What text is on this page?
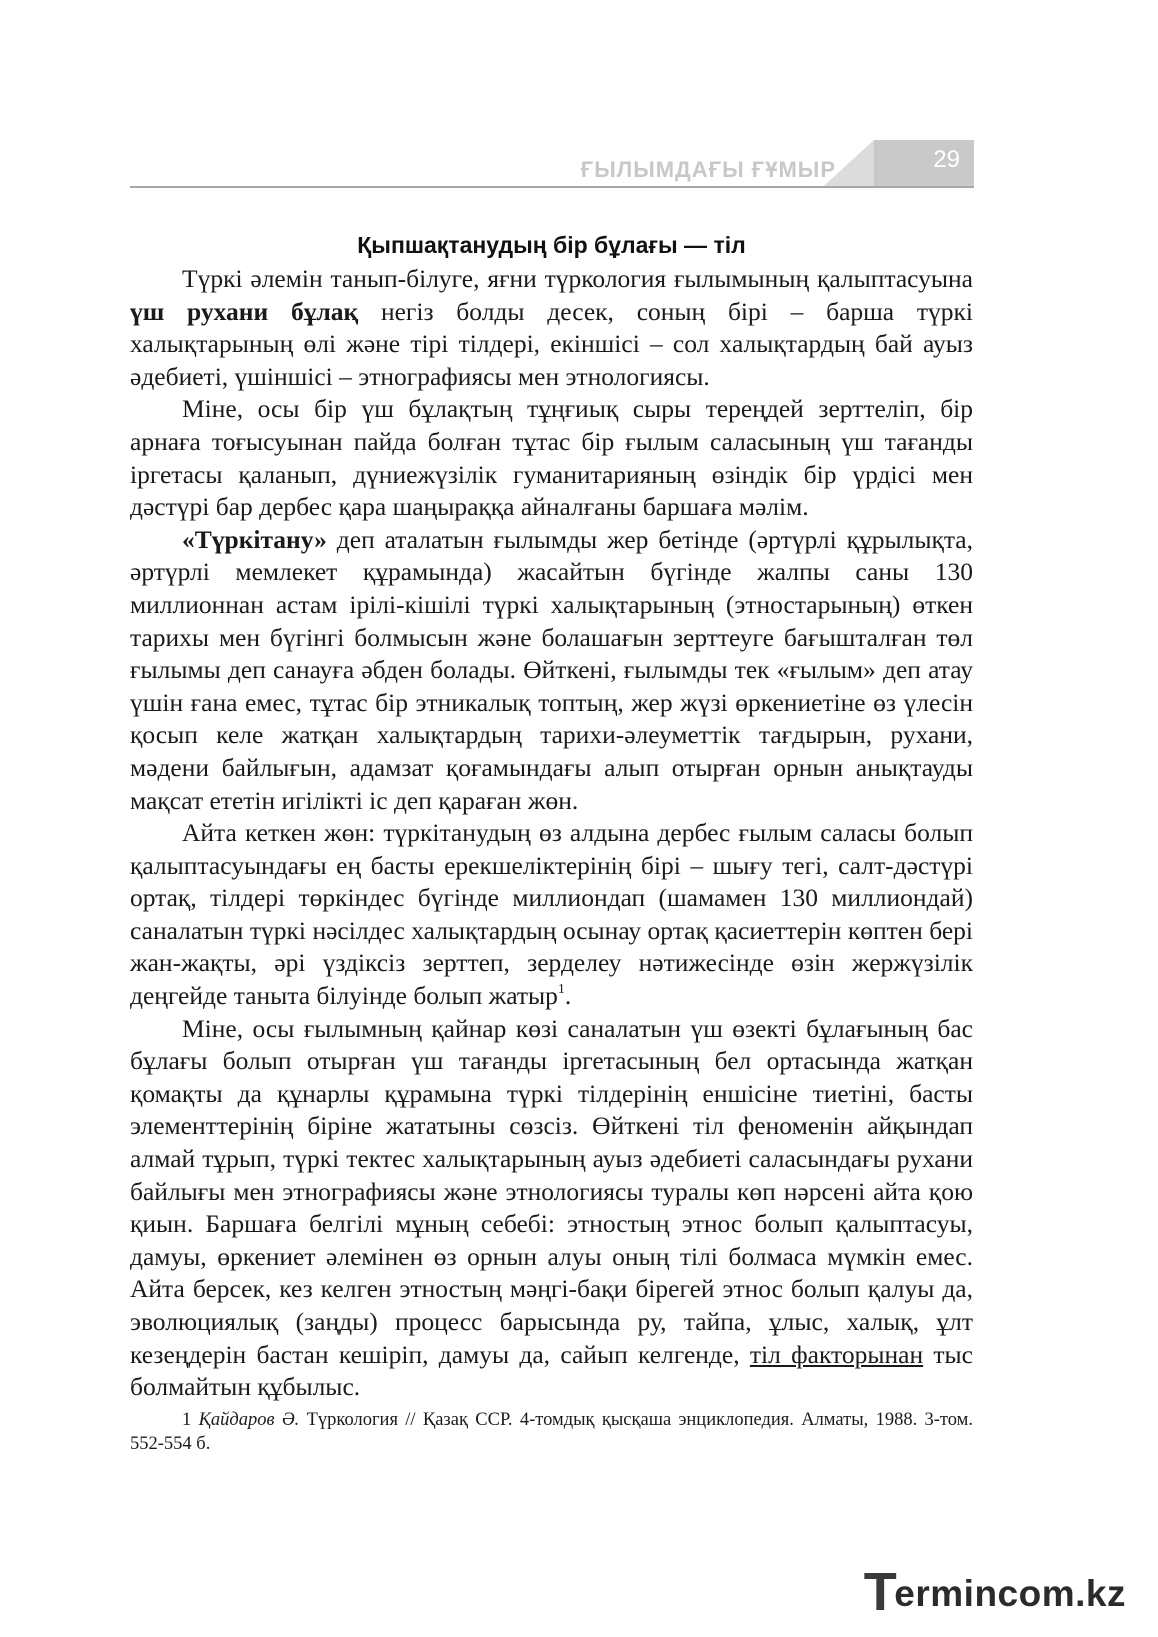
ҒЫЛЫМДАҒЫ ҒҰМЫР	29
Қыпшақтанудың бір бұлағы — тіл

Түркі әлемін танып-білуге, яғни түркология ғылымының қалыптасуына үш рухани бұлақ негіз болды десек, соның бірі – барша түркі халықтарының өлі және тірі тілдері, екіншісі – сол халықтардың бай ауыз әдебиеті, үшіншісі – этнографиясы мен этнологиясы.

Міне, осы бір үш бұлақтың тұңғиық сыры тереңдей зерттеліп, бір арнаға тоғысуынан пайда болған тұтас бір ғылым саласының үш тағанды іргетасы қаланып, дүниежүзілік гуманитарияның өзіндік бір үрдісі мен дәстүрі бар дербес қара шаңыраққа айналғаны баршаға мәлім.

«Түркітану» деп аталатын ғылымды жер бетінде (әртүрлі құрылықта, әртүрлі мемлекет құрамында) жасайтын бүгінде жалпы саны 130 миллионнан астам ірілі-кішілі түркі халықтарының (этностарының) өткен тарихы мен бүгінгі болмысын және болашағын зерттеуге бағышталған төл ғылымы деп санауға әбден болады. Өйткені, ғылымды тек «ғылым» деп атау үшін ғана емес, тұтас бір этникалық топтың, жер жүзі өркениетіне өз үлесін қосып келе жатқан халықтардың тарихи-әлеуметтік тағдырын, рухани, мәдени байлығын, адамзат қоғамындағы алып отырған орнын анықтауды мақсат ететін игілікті іс деп қараған жөн.

Айта кеткен жөн: түркітанудың өз алдына дербес ғылым саласы болып қалыптасуындағы ең басты ерекшеліктерінің бірі – шығу тегі, салт-дәстүрі ортақ, тілдері төркіндес бүгінде миллиондап (шамамен 130 миллиондай) саналатын түркі нәсілдес халықтардың осынау ортақ қасиеттерін көптен бері жан-жақты, әрі үздіксіз зерттеп, зерделеу нәтижесінде өзін жержүзілік деңгейде таныта білуінде болып жатыр$^1$.

Міне, осы ғылымның қайнар көзі саналатын үш өзекті бұлағының бас бұлағы болып отырған үш тағанды іргетасының бел ортасында жатқан қомақты да құнарлы құрамына түркі тілдерінің еншісіне тиетіні, басты элементтерінің біріне жататыны сөзсіз. Өйткені тіл феноменін айқындап алмай тұрып, түркі тектес халықтарының ауыз әдебиеті саласындағы рухани байлығы мен этнографиясы және этнологиясы туралы көп нәрсені айта қою қиын. Баршаға белгілі мұның себебі: этностың этнос болып қалыптасуы, дамуы, өркениет әлемінен өз орнын алуы оның тілі болмаса мүмкін емес. Айта берсек, кез келген этностың мәңгі-бақи бірегей этнос болып қалуы да, эволюциялық (заңды) процесс барысында ру, тайпа, ұлыс, халық, ұлт кезеңдерін бастан кешіріп, дамуы да, сайып келгенде, тіл факторынан тыс болмайтын құбылыс.

1 Қайдаров Ә. Түркология // Қазақ ССР. 4-томдық қысқаша энциклопедия. Алматы, 1988. 3-том. 552-554 б.

T
ermincо m.kz
